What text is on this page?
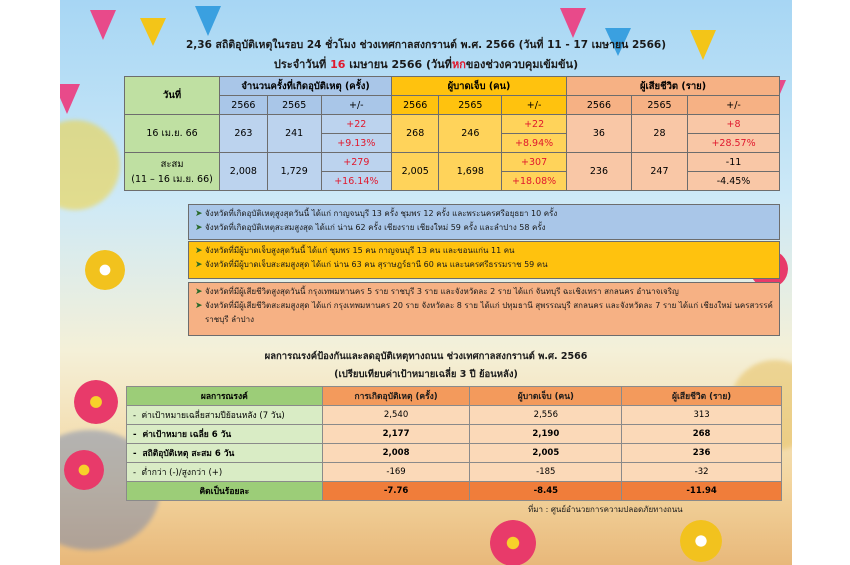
2,36 สถิติอุบัติเหตุในรอบ 24 ชั่วโมง ช่วงเทศกาลสงกรานต์ พ.ศ. 2566 (วันที่ 11 - 17 เมษายน 2566)
ประจำวันที่ 16 เมษายน 2566 (วันที่หกของช่วงควบคุมเข้มข้น)
วันที่	จำนวนครั้งที่เกิดอุบัติเหตุ (ครั้ง)			ผู้บาดเจ็บ (คน)			ผู้เสียชีวิต (ราย)		
	2566	2565	+/-	2566	2565	+/-	2566	2565	+/-
16 เม.ย. 66	263	241	+22	268	246	+22	36	28	+8
			+9.13%			+8.94%			+28.57%

สะสม
(11 – 16 เม.ย. 66)	2,008	1,729	+279	2,005	1,698	+307	236	247	-11
			+16.14%			+18.08%			-4.45%
➤ จังหวัดที่เกิดอุบัติเหตุสูงสุดวันนี้ ได้แก่ กาญจนบุรี 13 ครั้ง ชุมพร 12 ครั้ง และพระนครศรีอยุธยา 10 ครั้ง
➤ จังหวัดที่เกิดอุบัติเหตุสะสมสูงสุด ได้แก่ น่าน 62 ครั้ง เชียงราย เชียงใหม่ 59 ครั้ง และลำปาง 58 ครั้ง
➤ จังหวัดที่มีผู้บาดเจ็บสูงสุดวันนี้ ได้แก่ ชุมพร 15 คน กาญจนบุรี 13 คน และขอนแก่น 11 คน
➤ จังหวัดที่มีผู้บาดเจ็บสะสมสูงสุด ได้แก่ น่าน 63 คน สุราษฎร์ธานี 60 คน และนครศรีธรรมราช 59 คน
➤ จังหวัดที่มีผู้เสียชีวิตสูงสุดวันนี้ กรุงเทพมหานคร 5 ราย ราชบุรี 3 ราย และจังหวัดละ 2 ราย ได้แก่ จันทบุรี ฉะเชิงเทรา สกลนคร อำนาจเจริญ
➤ จังหวัดที่มีผู้เสียชีวิตสะสมสูงสุด ได้แก่ กรุงเทพมหานคร 20 ราย จังหวัดละ 8 ราย ได้แก่ ปทุมธานี สุพรรณบุรี สกลนคร และจังหวัดละ 7 ราย ได้แก่ เชียงใหม่ นครสวรรค์ ราชบุรี ลำปาง
ผลการณรงค์ป้องกันและลดอุบัติเหตุทางถนน ช่วงเทศกาลสงกรานต์ พ.ศ. 2566
(เปรียบเทียบค่าเป้าหมายเฉลี่ย 3 ปี ย้อนหลัง)
ผลการณรงค์	การเกิดอุบัติเหตุ (ครั้ง)	ผู้บาดเจ็บ (คน)	ผู้เสียชีวิต (ราย)
-  ค่าเป้าหมายเฉลี่ยสามปีย้อนหลัง (7 วัน)	2,540	2,556	313
-  ค่าเป้าหมาย เฉลี่ย 6 วัน	2,177	2,190	268
-  สถิติอุบัติเหตุ สะสม 6 วัน	2,008	2,005	236
-  ต่ำกว่า (-)/สูงกว่า (+)	-169	-185	-32
คิดเป็นร้อยละ	-7.76	-8.45	-11.94
ที่มา : ศูนย์อำนวยการความปลอดภัยทางถนน
